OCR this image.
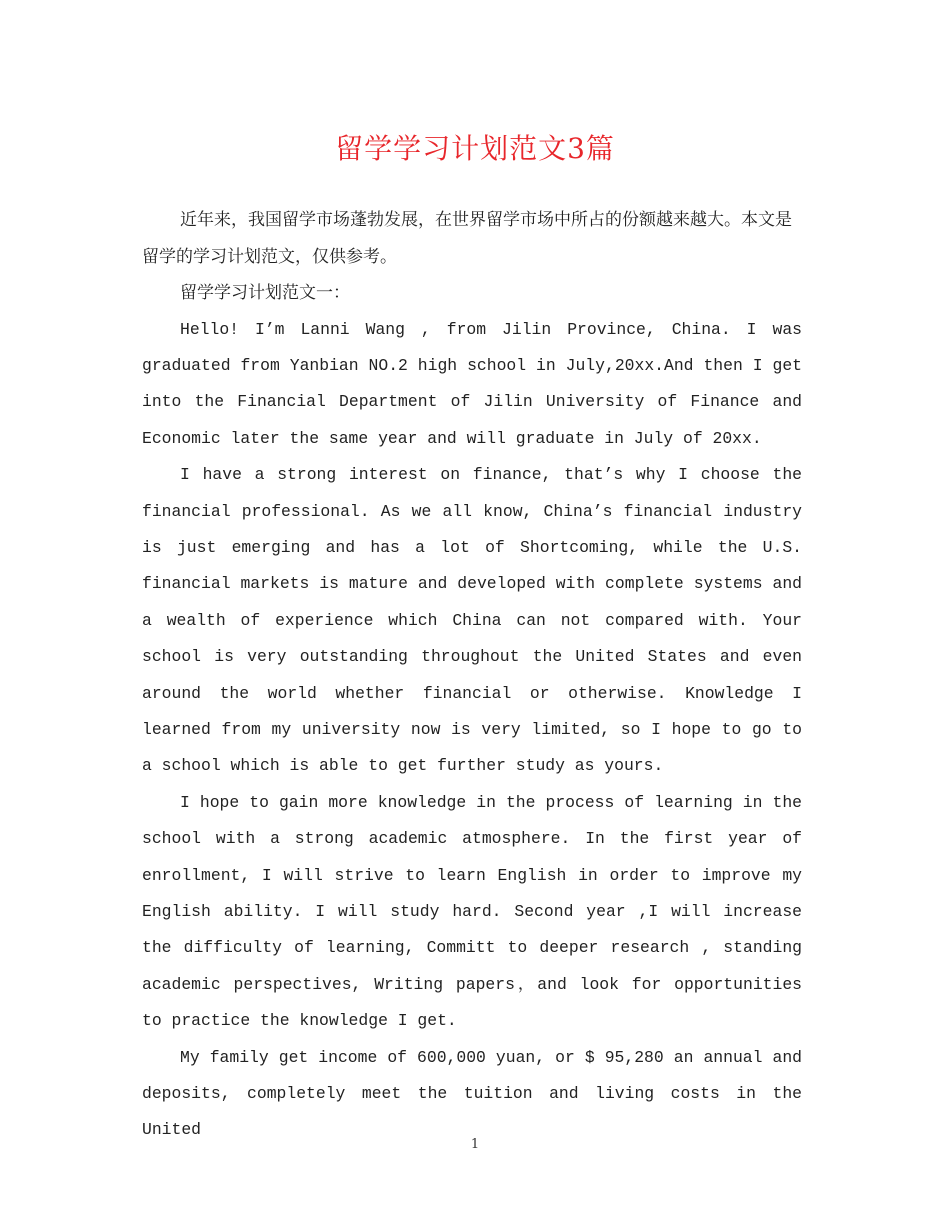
留学学习计划范文3篇

近年来，我国留学市场蓬勃发展，在世界留学市场中所占的份额越来越大。本文是留学的学习计划范文，仅供参考。

留学学习计划范文一：

Hello! I’m Lanni Wang , from Jilin Province, China. I was graduated from Yanbian NO.2 high school in July,20xx.And then I get into the Financial Department of Jilin University of Finance and Economic later the same year and will graduate in July of 20xx.

I have a strong interest on finance, that’s why I choose the financial professional. As we all know, China’s financial industry is just emerging and has a lot of Shortcoming, while the U.S. financial markets is mature and developed with complete systems and a wealth of experience which China can not compared with. Your school is very outstanding throughout the United States and even around the world whether financial or otherwise. Knowledge I learned from my university now is very limited, so I hope to go to a school which is able to get further study as yours.

I hope to gain more knowledge in the process of learning in the school with a strong academic atmosphere. In the first year of enrollment, I will strive to learn English in order to improve my English ability. I will study hard. Second year ,I will increase the difficulty of learning, Committ to deeper research , standing academic perspectives, Writing papers，and look for opportunities to practice the knowledge I get.

My family get income of 600,000 yuan, or $ 95,280 an annual and deposits, completely meet the tuition and living costs in the United

1
